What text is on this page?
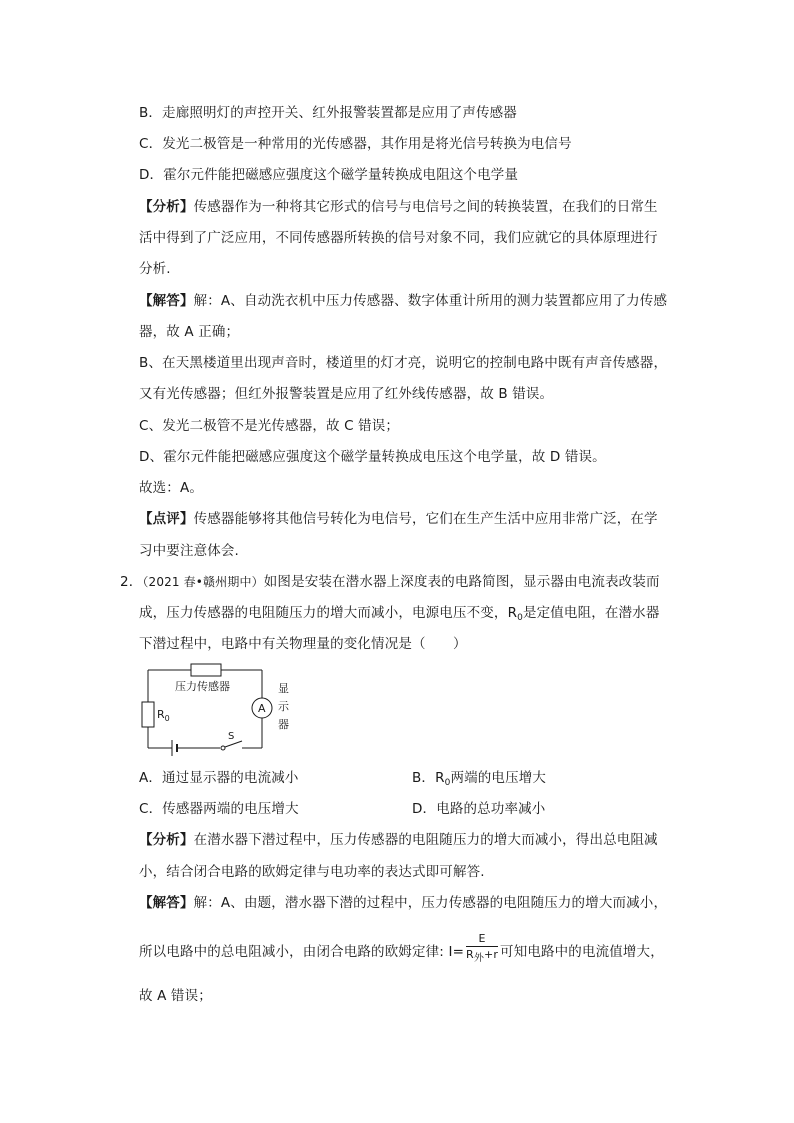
B．走廊照明灯的声控开关、红外报警装置都是应用了声传感器
C．发光二极管是一种常用的光传感器，其作用是将光信号转换为电信号
D．霍尔元件能把磁感应强度这个磁学量转换成电阻这个电学量
【分析】传感器作为一种将其它形式的信号与电信号之间的转换装置，在我们的日常生
活中得到了广泛应用，不同传感器所转换的信号对象不同，我们应就它的具体原理进行
分析.
【解答】解：A、自动洗衣机中压力传感器、数字体重计所用的测力装置都应用了力传感
器，故 A 正确；
B、在天黑楼道里出现声音时，楼道里的灯才亮，说明它的控制电路中既有声音传感器，
又有光传感器；但红外报警装置是应用了红外线传感器，故 B 错误。
C、发光二极管不是光传感器，故 C 错误；
D、霍尔元件能把磁感应强度这个磁学量转换成电压这个电学量，故 D 错误。
故选：A。
【点评】传感器能够将其他信号转化为电信号，它们在生产生活中应用非常广泛，在学
习中要注意体会.
2．（2021 春•赣州期中）如图是安装在潜水器上深度表的电路简图，显示器由电流表改装而
成，压力传感器的电阻随压力的增大而减小，电源电压不变，$R_0$是定值电阻，在潜水器
下潜过程中，电路中有关物理量的变化情况是（　　）
压力传感器
$R_0$
A
显
示
器
S
A．通过显示器的电流减小	B．$R_0$两端的电压增大
C．传感器两端的电压增大	D．电路的总功率减小
【分析】在潜水器下潜过程中，压力传感器的电阻随压力的增大而减小，得出总电阻减
小，结合闭合电路的欧姆定律与电功率的表达式即可解答.
【解答】解：A、由题，潜水器下潜的过程中，压力传感器的电阻随压力的增大而减小，
所以电路中的总电阻减小，由闭合电路的欧姆定律: $I= \frac{E}{\text{R外+r}}$ 可知电路中的电流值增大，
故 A 错误；
